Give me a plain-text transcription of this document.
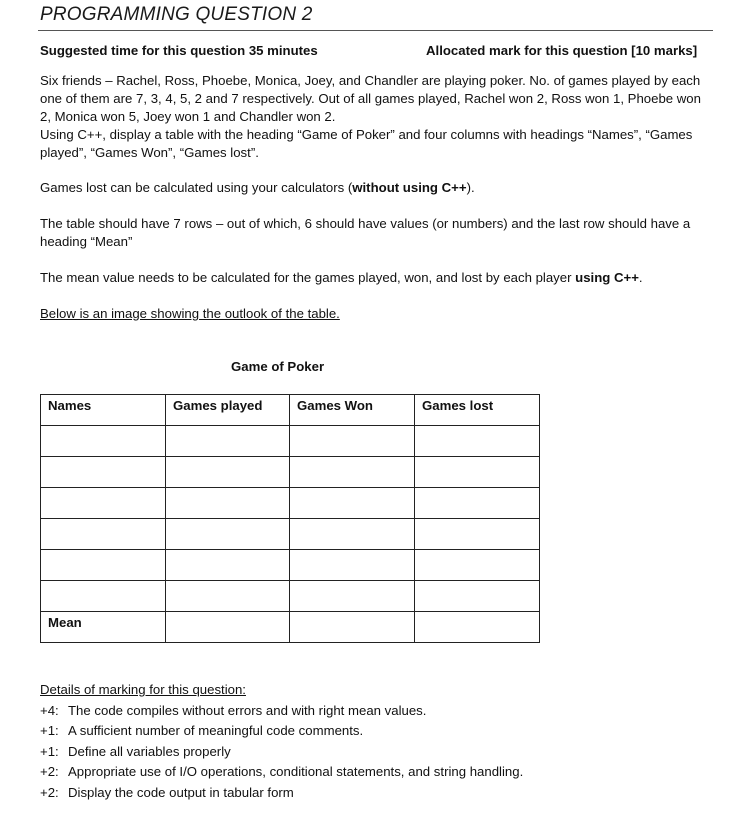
PROGRAMMING QUESTION 2
Suggested time for this question 35 minutes	Allocated mark for this question [10 marks]
Six friends – Rachel, Ross, Phoebe, Monica, Joey, and Chandler are playing poker. No. of games played by each
one of them are 7, 3, 4, 5, 2 and 7 respectively. Out of all games played, Rachel won 2, Ross won 1, Phoebe won
2, Monica won 5, Joey won 1 and Chandler won 2.
Using C++, display a table with the heading “Game of Poker” and four columns with headings “Names”, “Games
played”, “Games Won”, “Games lost”.
Games lost can be calculated using your calculators (without using C++).
The table should have 7 rows – out of which, 6 should have values (or numbers) and the last row should have a
heading “Mean”
The mean value needs to be calculated for the games played, won, and lost by each player using C++.
Below is an image showing the outlook of the table.
Game of Poker
Names	Games played	Games Won	Games lost

Mean			
Details of marking for this question:
+4: The code compiles without errors and with right mean values.
+1: A sufficient number of meaningful code comments.
+1: Define all variables properly
+2: Appropriate use of I/O operations, conditional statements, and string handling.
+2: Display the code output in tabular form
